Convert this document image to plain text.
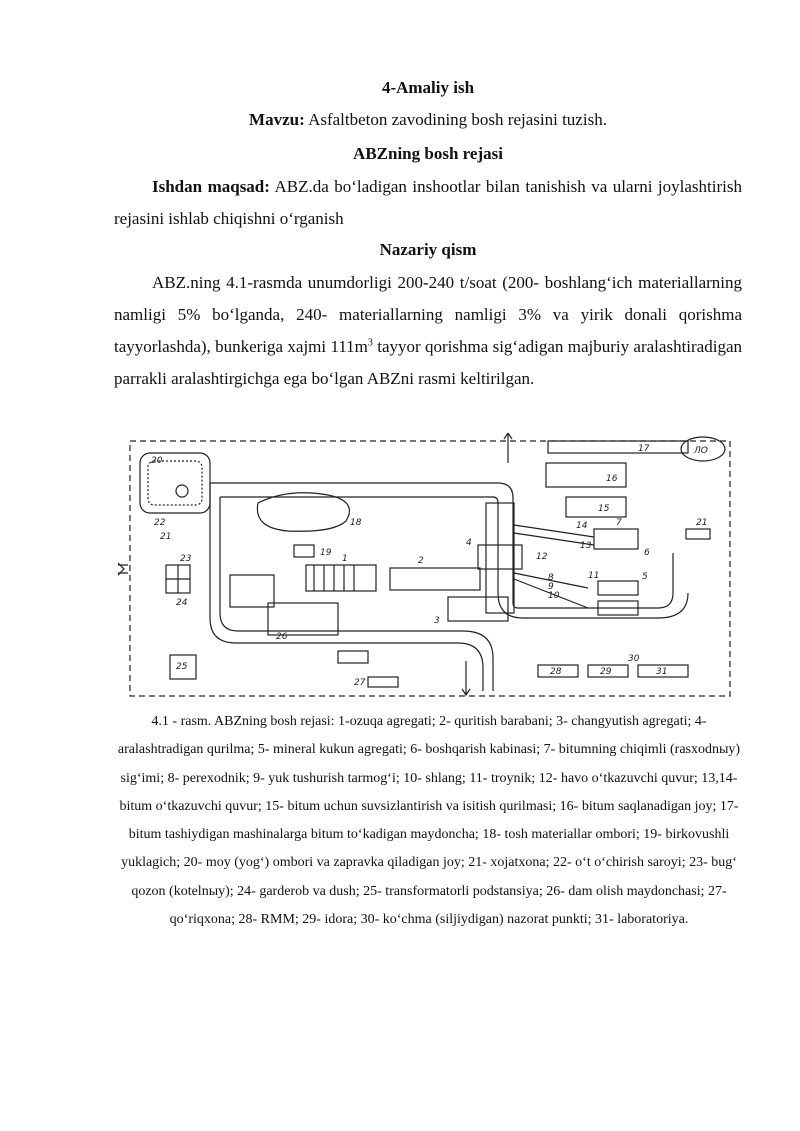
4-Amaliy ish
Mavzu: Asfaltbeton zavodining bosh rejasini tuzish.
ABZning bosh rejasi

Ishdan maqsad: ABZ.da bo‘ladigan inshootlar bilan tanishish va ularni joylashtirish rejasini ishlab chiqishni o‘rganish

Nazariy qism

ABZ.ning 4.1-rasmda unumdorligi 200-240 t/soat (200- boshlang‘ich materiallarning namligi 5% bo‘lganda, 240- materiallarning namligi 3% va yirik donali qorishma tayyorlashda), bunkeriga xajmi $111m^3$ tayyor qorishma sig‘adigan majburiy aralashtiradigan parrakli aralashtirgichga ega bo‘lgan ABZni rasmi keltirilgan.

17
16
15
14
13
12
11
10
9
8
7
6
5
4
3
2
1
19
18
20
22
21
21
23
24
25
26
27
28	29
30
31
ЛО

4.1 - rasm. ABZning bosh rejasi: 1-ozuqa agregati; 2- quritish barabani; 3- changyutish agregati; 4- aralashtradigan qurilma; 5- mineral kukun agregati; 6- boshqarish kabinasi; 7- bitumning chiqimli (rasxodnыy) sig‘imi; 8- perexodnik; 9- yuk tushurish tarmog‘i; 10- shlang; 11- troynik; 12- havo o‘tkazuvchi quvur; 13,14- bitum o‘tkazuvchi quvur; 15- bitum uchun suvsizlantirish va isitish qurilmasi; 16- bitum saqlanadigan joy; 17- bitum tashiydigan mashinalarga bitum to‘kadigan maydoncha; 18- tosh materiallar ombori; 19- birkovushli yuklagich; 20- moy (yog‘) ombori va zapravka qiladigan joy; 21- xojatxona; 22- o‘t o‘chirish saroyi; 23- bug‘ qozon (kotelnыy); 24- garderob va dush; 25- transformatorli podstansiya; 26- dam olish maydonchasi; 27- qo‘riqxona; 28- RMM; 29- idora; 30- ko‘chma (siljiydigan) nazorat punkti; 31- laboratoriya.
